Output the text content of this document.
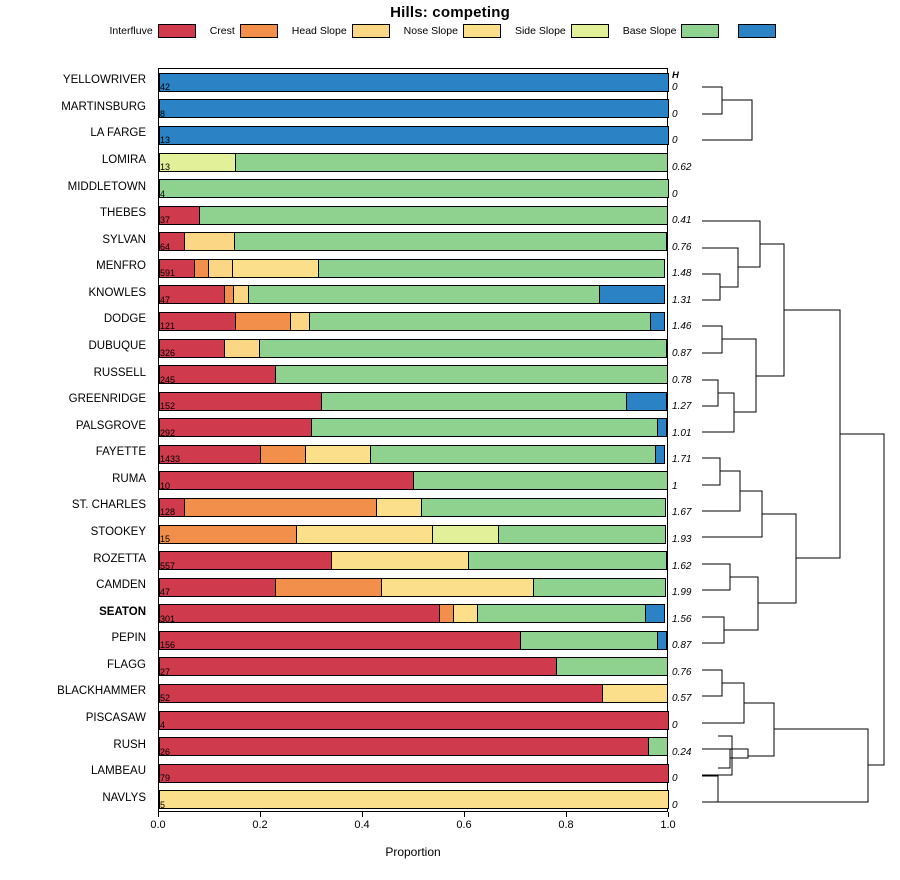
Hills: competing
Interfluve	Crest	Head Slope	Nose Slope	Side Slope	Base Slope
H
YELLOWRIVER
MARTINSBURG
LA FARGE
LOMIRA
MIDDLETOWN
THEBES
SYLVAN
MENFRO
KNOWLES
DODGE
DUBUQUE
RUSSELL
GREENRIDGE
PALSGROVE
FAYETTE
RUMA
ST. CHARLES
STOOKEY
ROZETTA
CAMDEN
SEATON
PEPIN
FLAGG
BLACKHAMMER
PISCASAW
RUSH
LAMBEAU
NAVLYS
42	0
8	0
13	0
13	0.62
4	0
37	0.41
64	0.76
591	1.48
47	1.31
121	1.46
326	0.87
245	0.78
152	1.27
292	1.01
1433	1.71
10	1
128	1.67
15	1.93
557	1.62
47	1.99
301	1.56
156	0.87
27	0.76
52	0.57
4	0
26	0.24
79	0
5	0
0.0	0.2	0.4	0.6	0.8	1.0
Proportion
